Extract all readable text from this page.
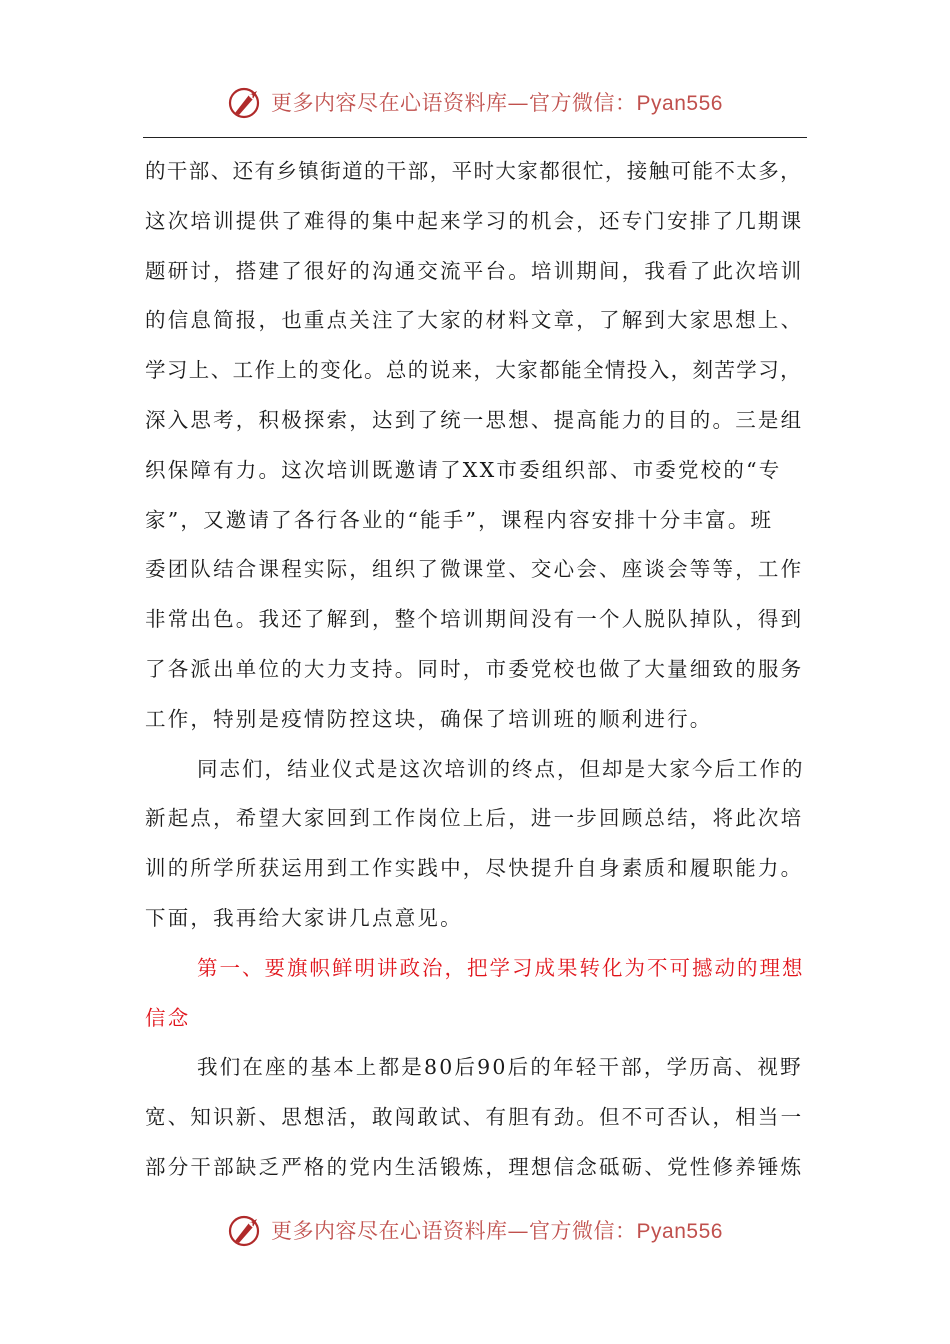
更多内容尽在心语资料库—官方微信：Pyan556
的干部、还有乡镇街道的干部，平时大家都很忙，接触可能不太多，
这次培训提供了难得的集中起来学习的机会，还专门安排了几期课
题研讨，搭建了很好的沟通交流平台。培训期间，我看了此次培训
的信息简报，也重点关注了大家的材料文章，了解到大家思想上、
学习上、工作上的变化。总的说来，大家都能全情投入，刻苦学习，
深入思考，积极探索，达到了统一思想、提高能力的目的。三是组
织保障有力。这次培训既邀请了XX市委组织部、市委党校的“专
家”，又邀请了各行各业的“能手”，课程内容安排十分丰富。班
委团队结合课程实际，组织了微课堂、交心会、座谈会等等，工作
非常出色。我还了解到，整个培训期间没有一个人脱队掉队，得到
了各派出单位的大力支持。同时，市委党校也做了大量细致的服务
工作，特别是疫情防控这块，确保了培训班的顺利进行。
同志们，结业仪式是这次培训的终点，但却是大家今后工作的
新起点，希望大家回到工作岗位上后，进一步回顾总结，将此次培
训的所学所获运用到工作实践中，尽快提升自身素质和履职能力。
下面，我再给大家讲几点意见。
第一、要旗帜鲜明讲政治，把学习成果转化为不可撼动的理想
信念
我们在座的基本上都是80后90后的年轻干部，学历高、视野
宽、知识新、思想活，敢闯敢试、有胆有劲。但不可否认，相当一
部分干部缺乏严格的党内生活锻炼，理想信念砥砺、党性修养锤炼
更多内容尽在心语资料库—官方微信：Pyan556
